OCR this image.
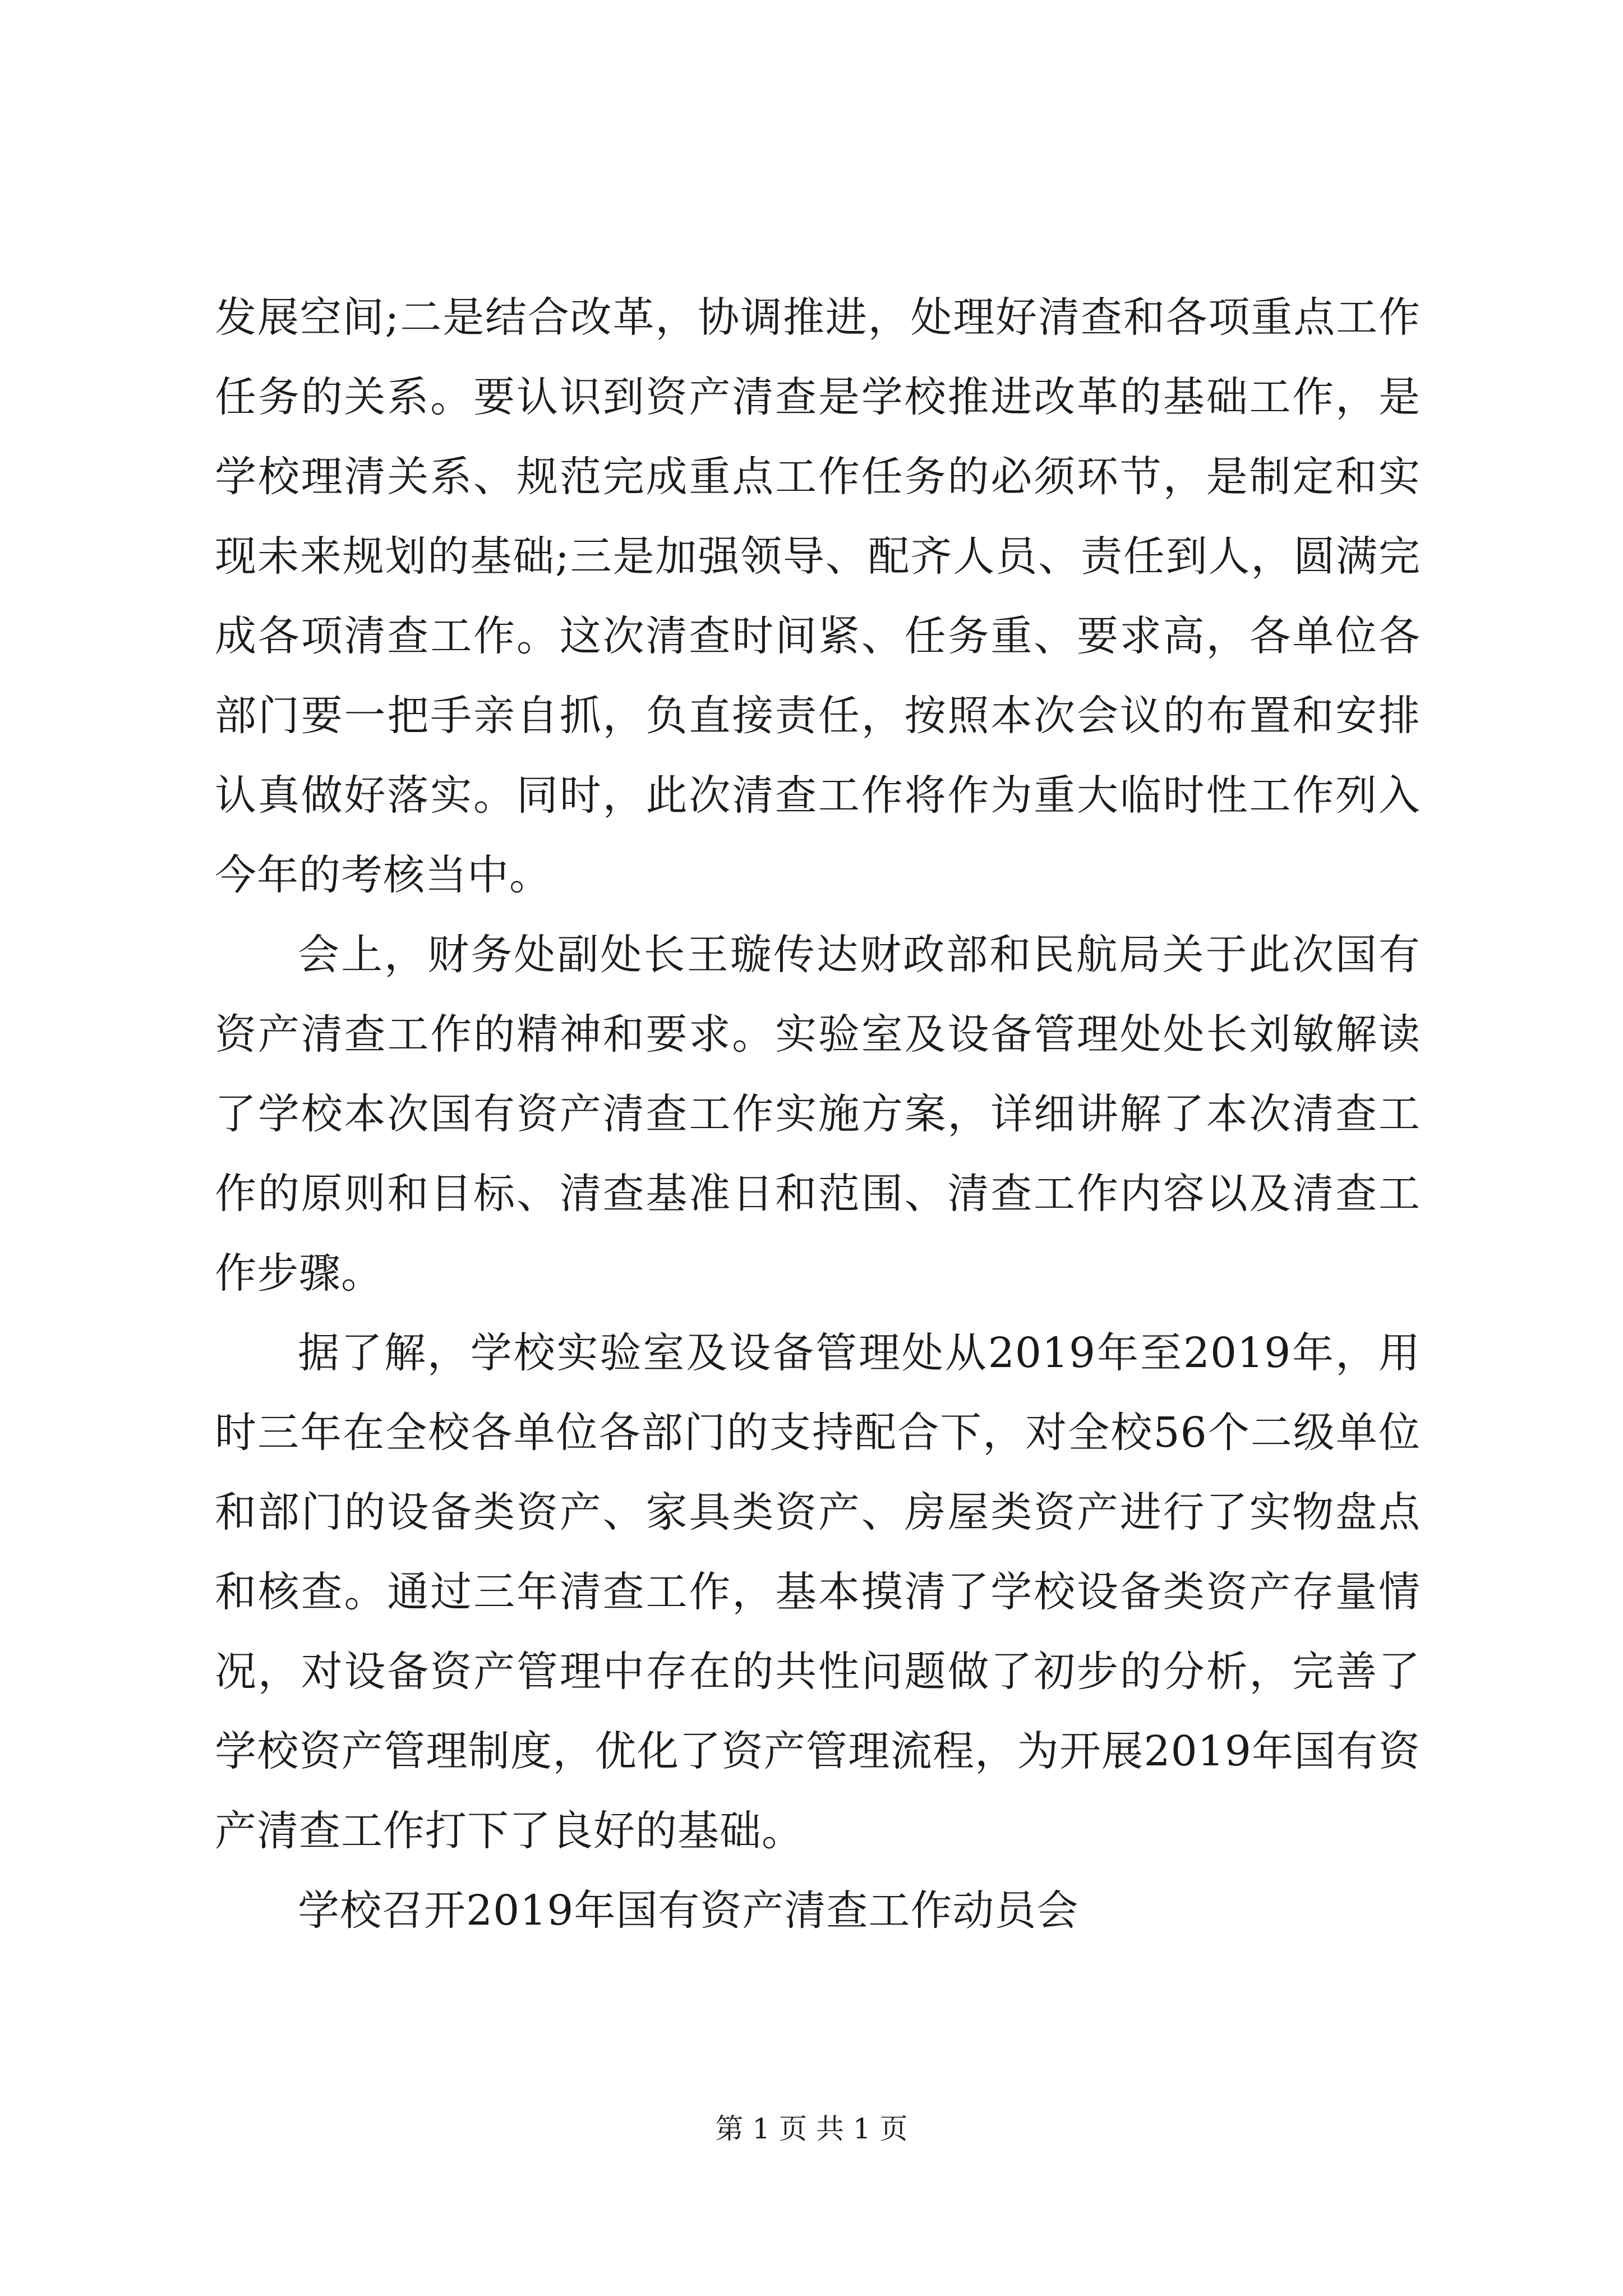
发展空间;二是结合改革，协调推进，处理好清查和各项重点工作任务的关系。要认识到资产清查是学校推进改革的基础工作，是学校理清关系、规范完成重点工作任务的必须环节，是制定和实现未来规划的基础;三是加强领导、配齐人员、责任到人，圆满完成各项清查工作。这次清查时间紧、任务重、要求高，各单位各部门要一把手亲自抓，负直接责任，按照本次会议的布置和安排认真做好落实。同时，此次清查工作将作为重大临时性工作列入今年的考核当中。

会上，财务处副处长王璇传达财政部和民航局关于此次国有资产清查工作的精神和要求。实验室及设备管理处处长刘敏解读了学校本次国有资产清查工作实施方案，详细讲解了本次清查工作的原则和目标、清查基准日和范围、清查工作内容以及清查工作步骤。

据了解，学校实验室及设备管理处从2019年至2019年，用时三年在全校各单位各部门的支持配合下，对全校56个二级单位和部门的设备类资产、家具类资产、房屋类资产进行了实物盘点和核查。通过三年清查工作，基本摸清了学校设备类资产存量情况，对设备资产管理中存在的共性问题做了初步的分析，完善了学校资产管理制度，优化了资产管理流程，为开展2019年国有资产清查工作打下了良好的基础。

学校召开2019年国有资产清查工作动员会

第 1 页 共 1 页
